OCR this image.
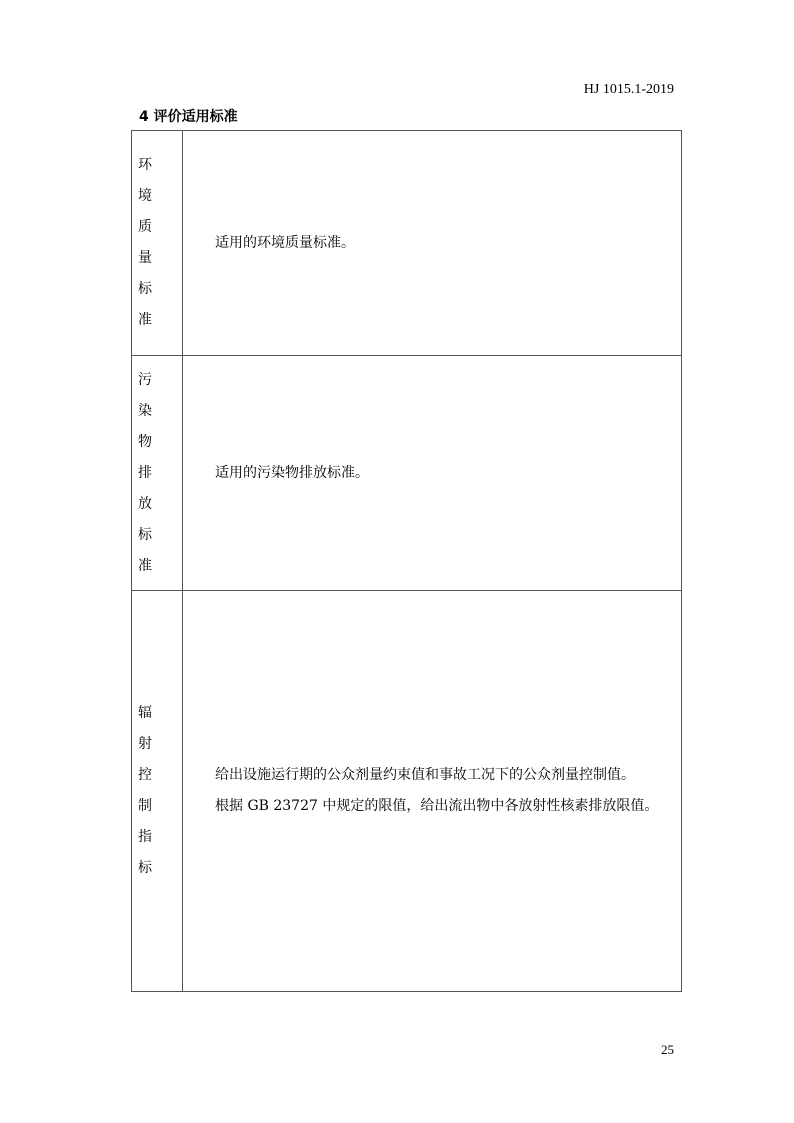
HJ 1015.1-2019
4 评价适用标准
环境质量标准	适用的环境质量标准。

污染物排放标准	适用的污染物排放标准。

辐射控制指标	给出设施运行期的公众剂量约束值和事故工况下的公众剂量控制值。
根据 GB 23727 中规定的限值，给出流出物中各放射性核素排放限值。
25
